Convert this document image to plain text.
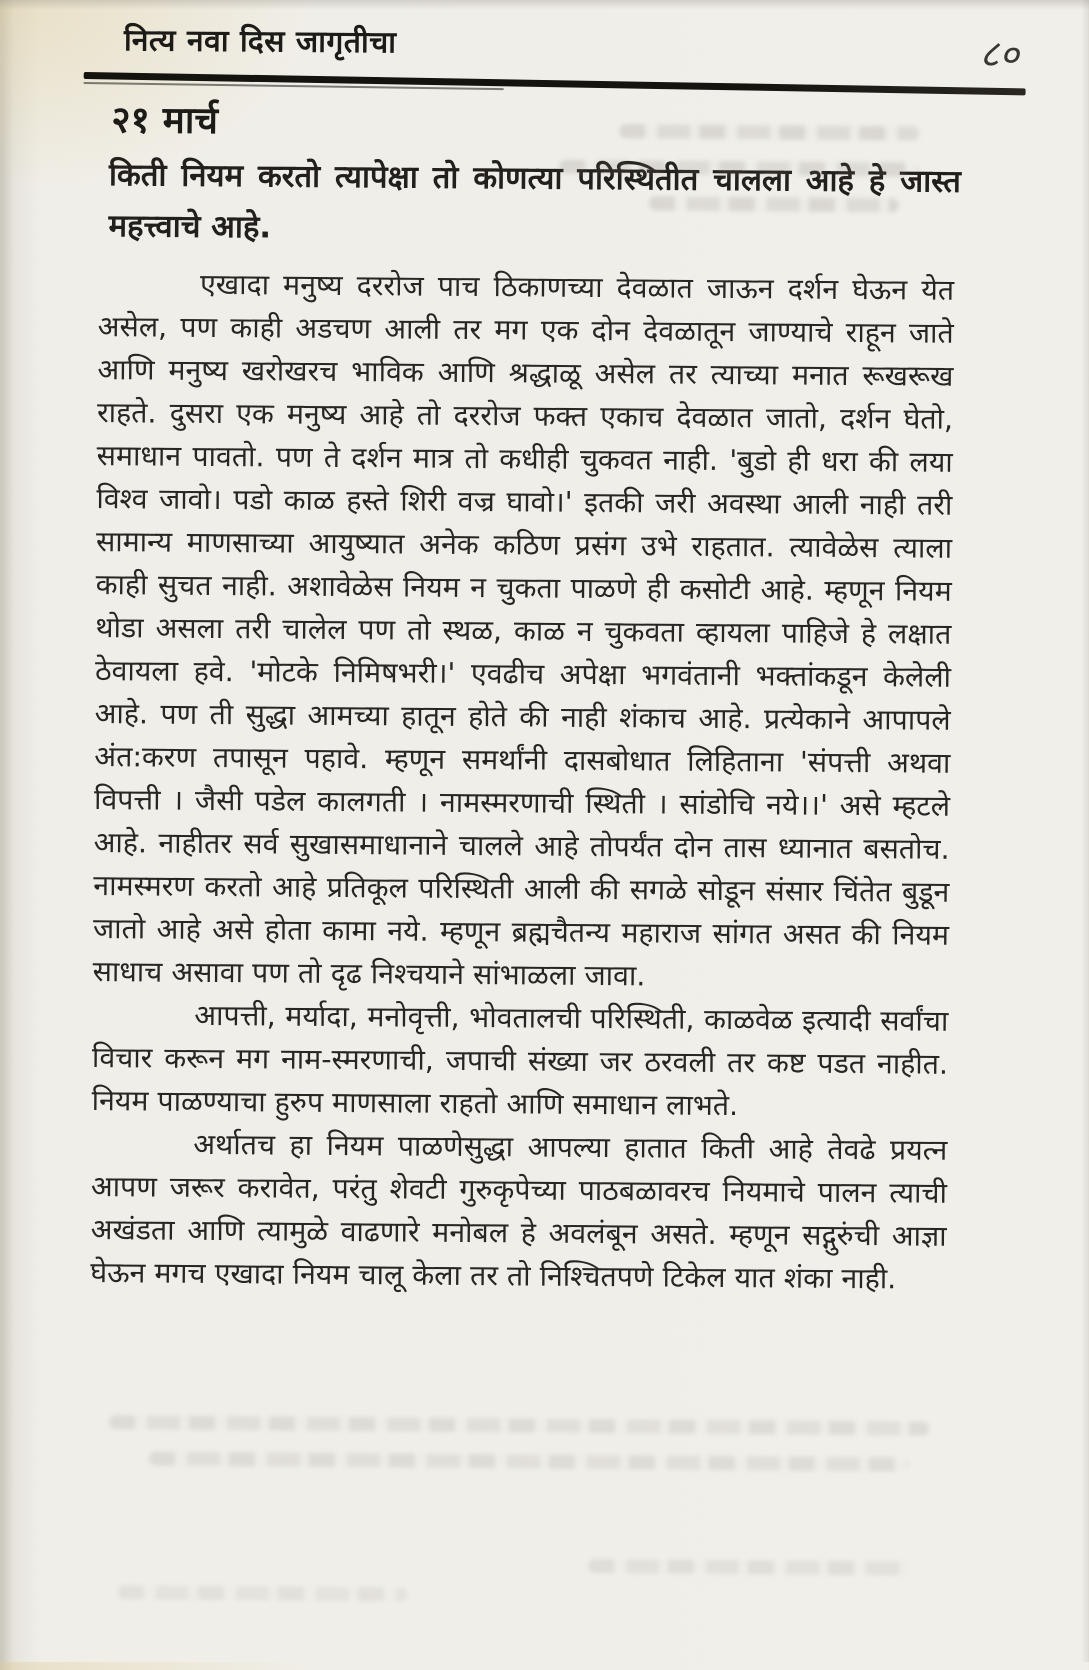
नित्य नवा दिस जागृतीचा	८०
२१ मार्च
किती नियम करतो त्यापेक्षा तो कोणत्या परिस्थितीत चालला आहे हे जास्त महत्त्वाचे आहे.

एखादा मनुष्य दररोज पाच ठिकाणच्या देवळात जाऊन दर्शन घेऊन येत असेल, पण काही अडचण आली तर मग एक दोन देवळातून जाण्याचे राहून जाते आणि मनुष्य खरोखरच भाविक आणि श्रद्धाळू असेल तर त्याच्या मनात रूखरूख राहते. दुसरा एक मनुष्य आहे तो दररोज फक्त एकाच देवळात जातो, दर्शन घेतो, समाधान पावतो. पण ते दर्शन मात्र तो कधीही चुकवत नाही. 'बुडो ही धरा की लया विश्व जावो। पडो काळ हस्ते शिरी वज्र घावो।' इतकी जरी अवस्था आली नाही तरी सामान्य माणसाच्या आयुष्यात अनेक कठिण प्रसंग उभे राहतात. त्यावेळेस त्याला काही सुचत नाही. अशावेळेस नियम न चुकता पाळणे ही कसोटी आहे. म्हणून नियम थोडा असला तरी चालेल पण तो स्थळ, काळ न चुकवता व्हायला पाहिजे हे लक्षात ठेवायला हवे. 'मोटके निमिषभरी।' एवढीच अपेक्षा भगवंतानी भक्तांकडून केलेली आहे. पण ती सुद्धा आमच्या हातून होते की नाही शंकाच आहे. प्रत्येकाने आपापले अंत:करण तपासून पहावे. म्हणून समर्थांनी दासबोधात लिहिताना 'संपत्ती अथवा विपत्ती । जैसी पडेल कालगती । नामस्मरणाची स्थिती । सांडोचि नये।।' असे म्हटले आहे. नाहीतर सर्व सुखासमाधानाने चालले आहे तोपर्यंत दोन तास ध्यानात बसतोच. नामस्मरण करतो आहे प्रतिकूल परिस्थिती आली की सगळे सोडून संसार चिंतेत बुडून जातो आहे असे होता कामा नये. म्हणून ब्रह्मचैतन्य महाराज सांगत असत की नियम साधाच असावा पण तो दृढ निश्चयाने सांभाळला जावा.

आपत्ती, मर्यादा, मनोवृत्ती, भोवतालची परिस्थिती, काळवेळ इत्यादी सर्वांचा विचार करून मग नाम-स्मरणाची, जपाची संख्या जर ठरवली तर कष्ट पडत नाहीत. नियम पाळण्याचा हुरुप माणसाला राहतो आणि समाधान लाभते.

अर्थातच हा नियम पाळणेसुद्धा आपल्या हातात किती आहे तेवढे प्रयत्न आपण जरूर करावेत, परंतु शेवटी गुरुकृपेच्या पाठबळावरच नियमाचे पालन त्याची अखंडता आणि त्यामुळे वाढणारे मनोबल हे अवलंबून असते. म्हणून सद्गुरुंची आज्ञा घेऊन मगच एखादा नियम चालू केला तर तो निश्चितपणे टिकेल यात शंका नाही.
